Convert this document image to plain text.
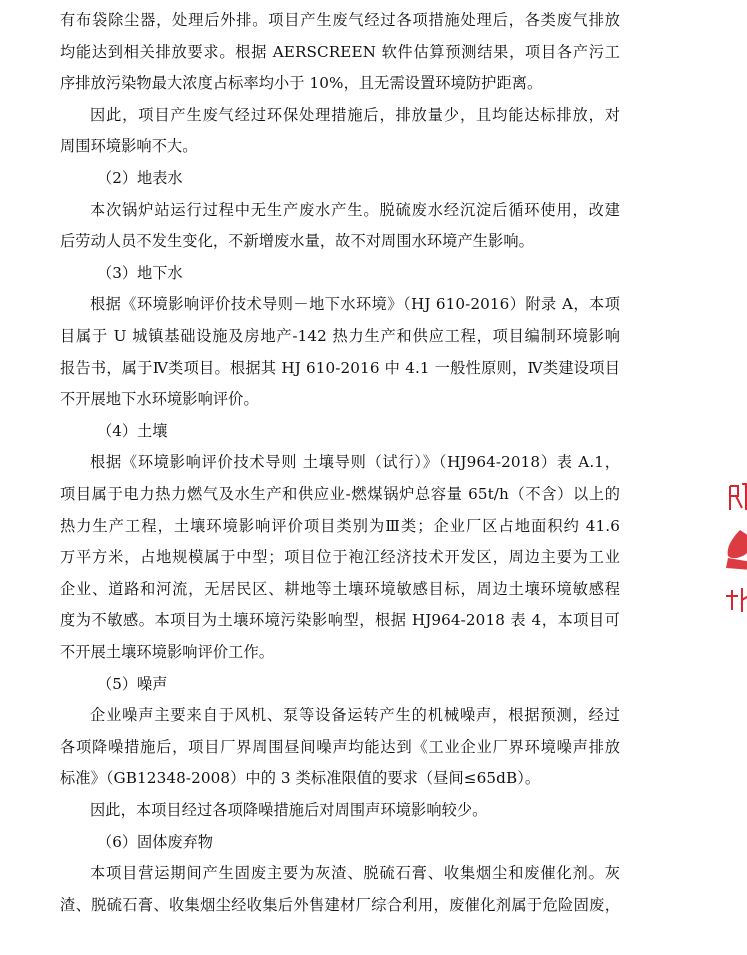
有布袋除尘器，处理后外排。项目产生废气经过各项措施处理后，各类废气排放
均能达到相关排放要求。根据 AERSCREEN 软件估算预测结果，项目各产污工
序排放污染物最大浓度占标率均小于 10%，且无需设置环境防护距离。
因此，项目产生废气经过环保处理措施后，排放量少，且均能达标排放，对
周围环境影响不大。
（2）地表水
本次锅炉站运行过程中无生产废水产生。脱硫废水经沉淀后循环使用，改建
后劳动人员不发生变化，不新增废水量，故不对周围水环境产生影响。
（3）地下水
根据《环境影响评价技术导则－地下水环境》（HJ 610-2016）附录 A，本项
目属于 U 城镇基础设施及房地产-142 热力生产和供应工程，项目编制环境影响
报告书，属于Ⅳ类项目。根据其 HJ 610-2016 中 4.1 一般性原则，Ⅳ类建设项目
不开展地下水环境影响评价。
（4）土壤
根据《环境影响评价技术导则 土壤导则（试行）》（HJ964-2018）表 A.1，
项目属于电力热力燃气及水生产和供应业-燃煤锅炉总容量 65t/h（不含）以上的
热力生产工程，土壤环境影响评价项目类别为Ⅲ类；企业厂区占地面积约 41.6
万平方米，占地规模属于中型；项目位于袍江经济技术开发区，周边主要为工业
企业、道路和河流，无居民区、耕地等土壤环境敏感目标，周边土壤环境敏感程
度为不敏感。本项目为土壤环境污染影响型，根据 HJ964-2018 表 4，本项目可
不开展土壤环境影响评价工作。
（5）噪声
企业噪声主要来自于风机、泵等设备运转产生的机械噪声，根据预测，经过
各项降噪措施后，项目厂界周围昼间噪声均能达到《工业企业厂界环境噪声排放
标准》（GB12348-2008）中的 3 类标准限值的要求（昼间≤65dB）。
因此，本项目经过各项降噪措施后对周围声环境影响较少。
（6）固体废弃物
本项目营运期间产生固废主要为灰渣、脱硫石膏、收集烟尘和废催化剂。灰
渣、脱硫石膏、收集烟尘经收集后外售建材厂综合利用，废催化剂属于危险固废，
